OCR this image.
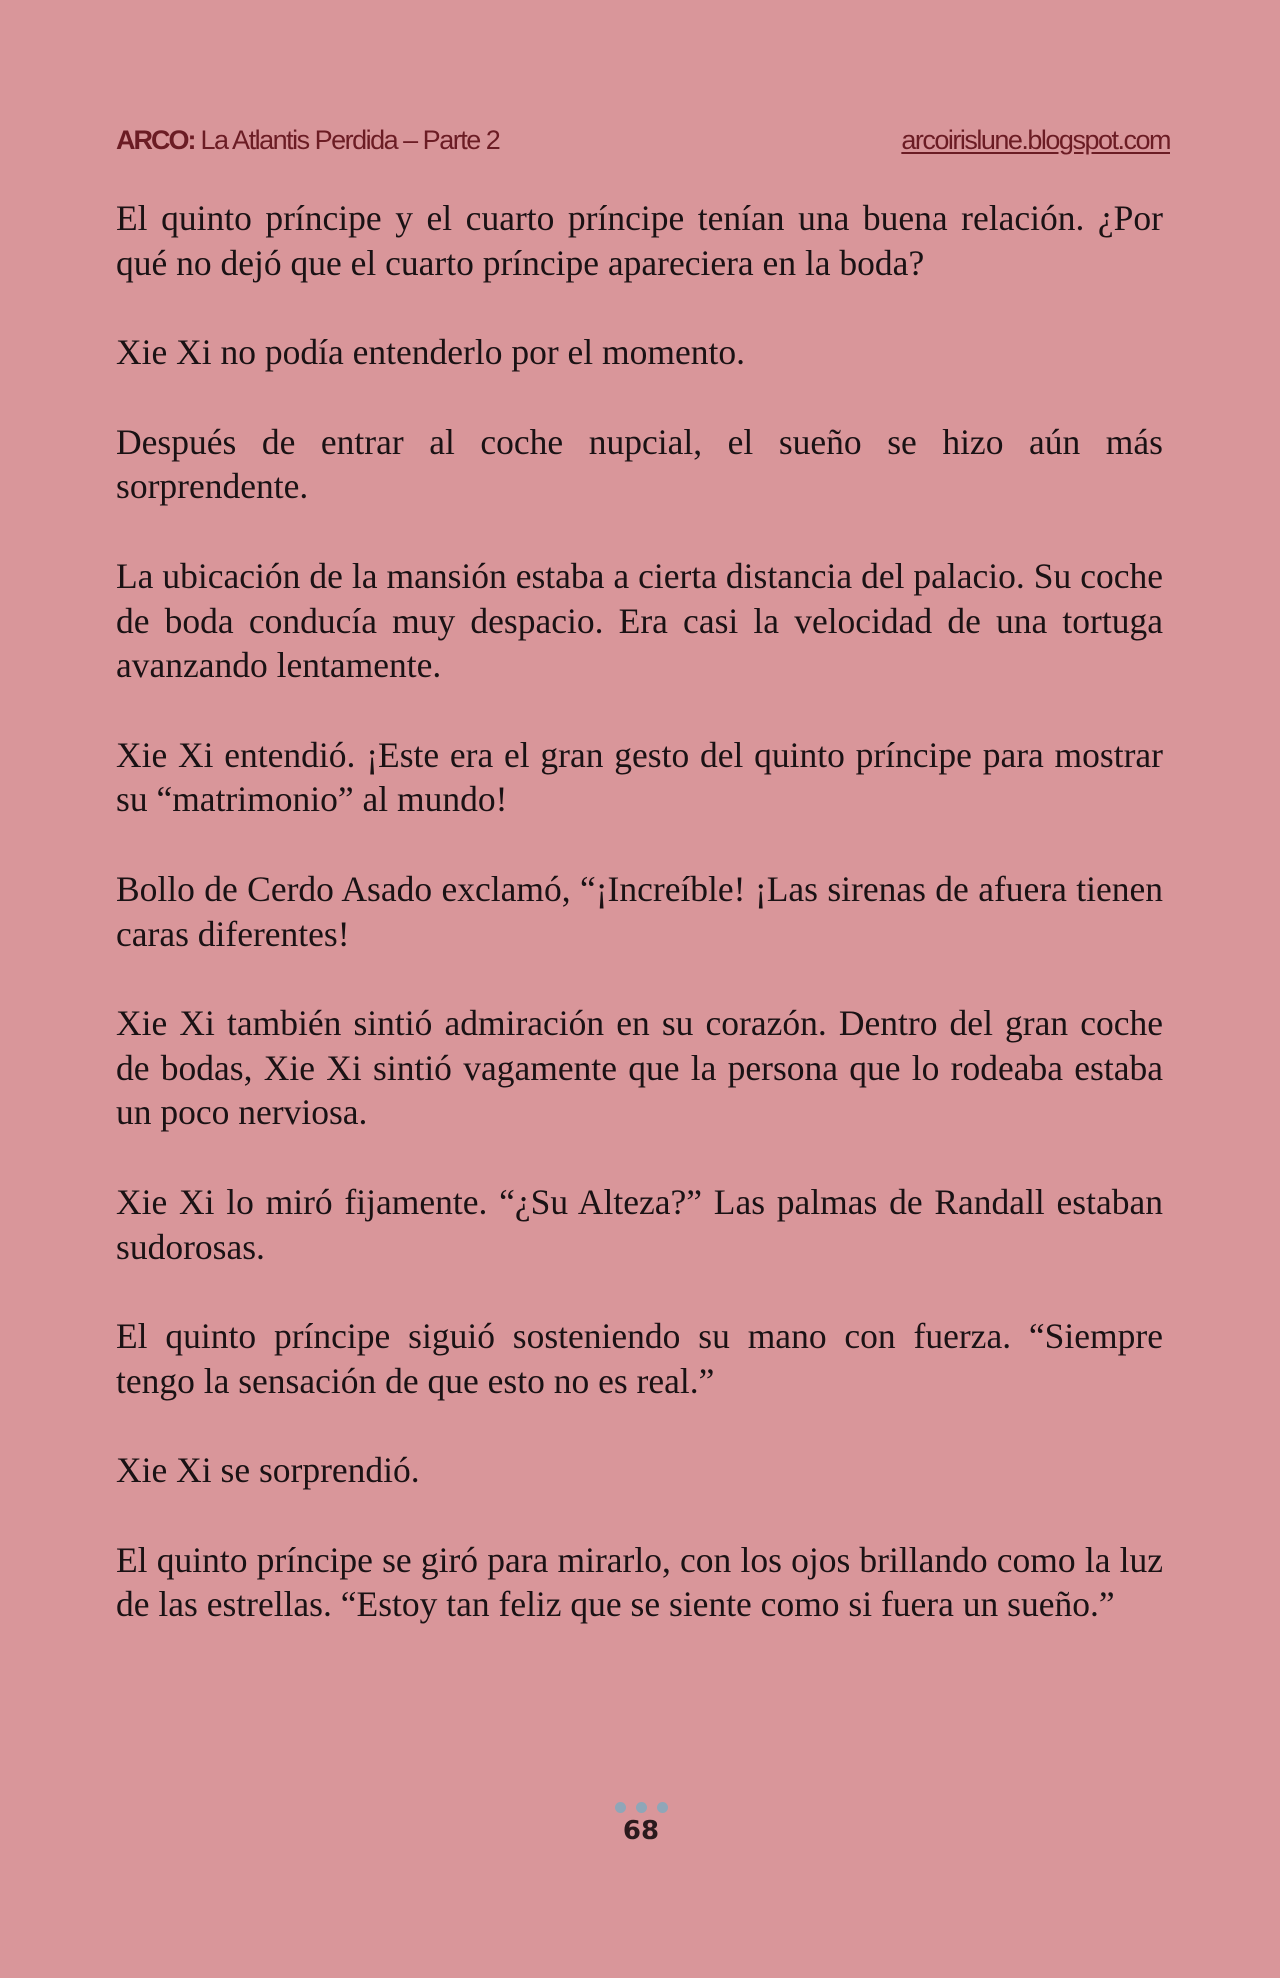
ARCO: La Atlantis Perdida – Parte 2	arcoirislune.blogspot.com

El quinto príncipe y el cuarto príncipe tenían una buena relación. ¿Por qué no dejó que el cuarto príncipe apareciera en la boda?

Xie Xi no podía entenderlo por el momento.

Después de entrar al coche nupcial, el sueño se hizo aún más sorprendente.

La ubicación de la mansión estaba a cierta distancia del palacio. Su coche de boda conducía muy despacio. Era casi la velocidad de una tortuga avanzando lentamente.

Xie Xi entendió. ¡Este era el gran gesto del quinto príncipe para mostrar su “matrimonio” al mundo!

Bollo de Cerdo Asado exclamó, “¡Increíble! ¡Las sirenas de afuera tienen caras diferentes!

Xie Xi también sintió admiración en su corazón. Dentro del gran coche de bodas, Xie Xi sintió vagamente que la persona que lo rodeaba estaba un poco nerviosa.

Xie Xi lo miró fijamente. “¿Su Alteza?” Las palmas de Randall estaban sudorosas.

El quinto príncipe siguió sosteniendo su mano con fuerza. “Siempre tengo la sensación de que esto no es real.”

Xie Xi se sorprendió.

El quinto príncipe se giró para mirarlo, con los ojos brillando como la luz de las estrellas. “Estoy tan feliz que se siente como si fuera un sueño.”

68
